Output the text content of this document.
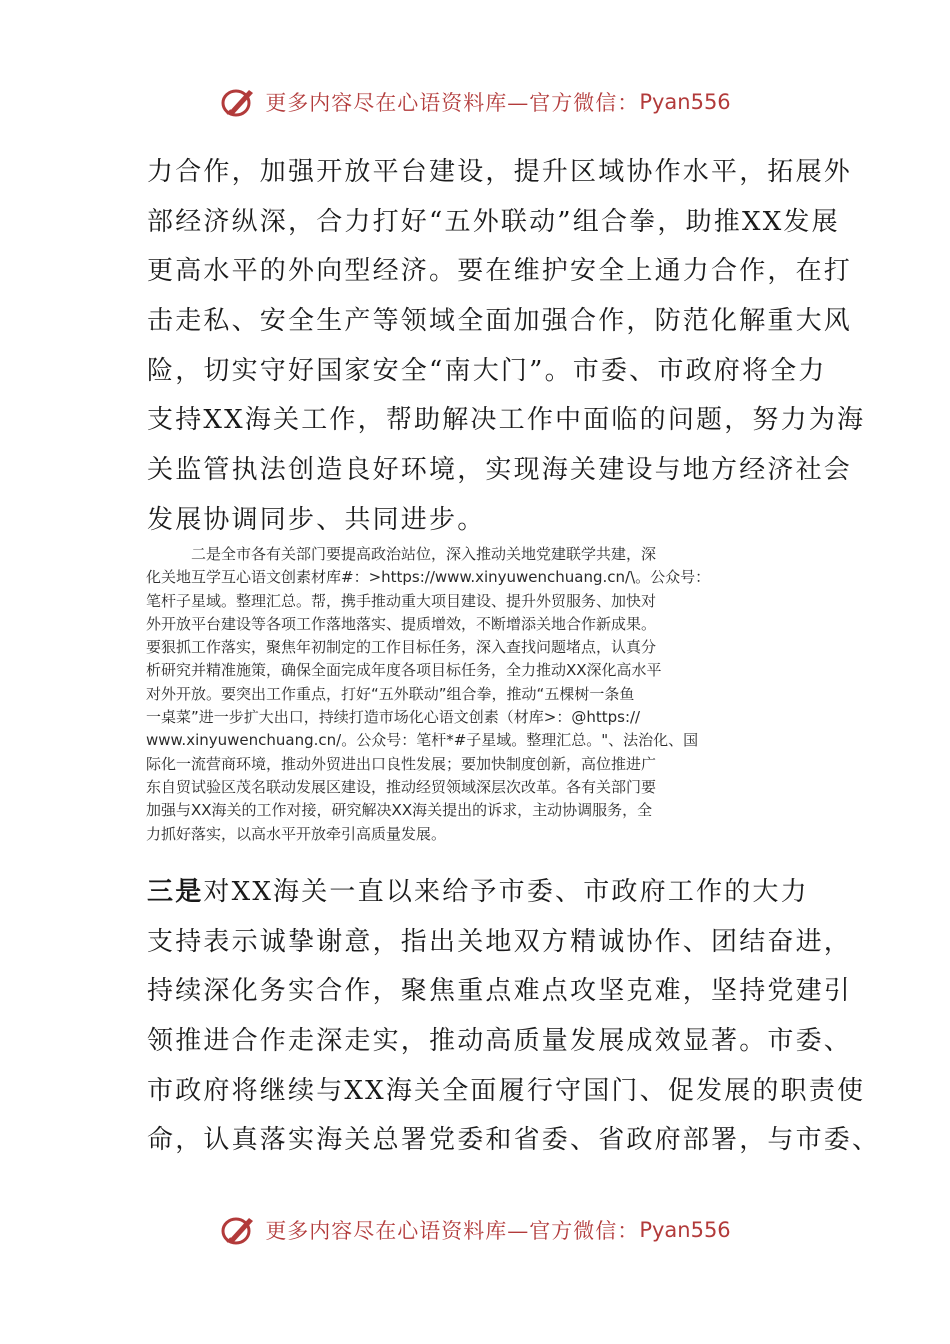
更多内容尽在心语资料库—官方微信： Pyan556
力合作，加强开放平台建设，提升区域协作水平，拓展外
部经济纵深，合力打好“五外联动”组合拳，助推XX发展
更高水平的外向型经济。要在维护安全上通力合作，在打
击走私、安全生产等领域全面加强合作，防范化解重大风
险，切实守好国家安全“南大门”。市委、市政府将全力
支持XX海关工作，帮助解决工作中面临的问题，努力为海
关监管执法创造良好环境，实现海关建设与地方经济社会
发展协调同步、共同进步。
　　　二是全市各有关部门要提高政治站位，深入推动关地党建联学共建，深
化关地互学互心语文创素材库#：>https://www.xinyuwenchuang.cn/\。公众号：
笔杆子星域。整理汇总。帮，携手推动重大项目建设、提升外贸服务、加快对
外开放平台建设等各项工作落地落实、提质增效，不断增添关地合作新成果。
要狠抓工作落实，聚焦年初制定的工作目标任务，深入查找问题堵点，认真分
析研究并精准施策，确保全面完成年度各项目标任务，全力推动XX深化高水平
对外开放。要突出工作重点，打好“五外联动”组合拳，推动“五棵树一条鱼
一桌菜”进一步扩大出口，持续打造市场化心语文创素（材库>：@https://
www.xinyuwenchuang.cn/。公众号：笔杆*#子星域。整理汇总。"、法治化、国
际化一流营商环境，推动外贸进出口良性发展；要加快制度创新，高位推进广
东自贸试验区茂名联动发展区建设，推动经贸领域深层次改革。各有关部门要
加强与XX海关的工作对接，研究解决XX海关提出的诉求，主动协调服务，全
力抓好落实，以高水平开放牵引高质量发展。
三是对XX海关一直以来给予市委、市政府工作的大力
支持表示诚挚谢意，指出关地双方精诚协作、团结奋进，
持续深化务实合作，聚焦重点难点攻坚克难，坚持党建引
领推进合作走深走实，推动高质量发展成效显著。市委、
市政府将继续与XX海关全面履行守国门、促发展的职责使
命，认真落实海关总署党委和省委、省政府部署，与市委、
更多内容尽在心语资料库—官方微信： Pyan556
